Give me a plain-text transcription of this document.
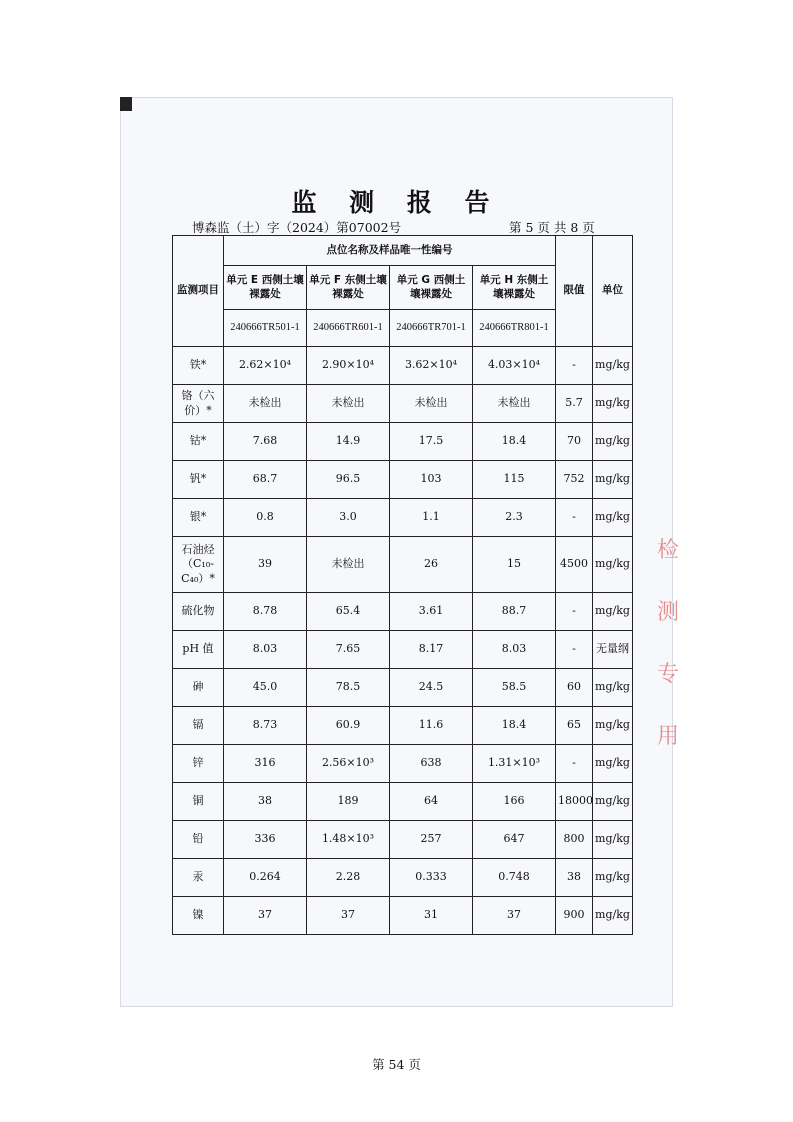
监 测 报 告
博森监（土）字（2024）第07002号	第 5 页 共 8 页
监测项目	点位名称及样品唯一性编号				限值	单位
	单元 E 西侧土壤裸露处	单元 F 东侧土壤裸露处	单元 G 西侧土壤裸露处	单元 H 东侧土壤裸露处		
	240666TR501-1	240666TR601-1	240666TR701-1	240666TR801-1		
铁*	2.62×10⁴	2.90×10⁴	3.62×10⁴	4.03×10⁴	-	mg/kg
铬（六价）*	未检出	未检出	未检出	未检出	5.7	mg/kg
钴*	7.68	14.9	17.5	18.4	70	mg/kg
钒*	68.7	96.5	103	115	752	mg/kg
银*	0.8	3.0	1.1	2.3	-	mg/kg
石油烃（C₁₀-C₄₀）*	39	未检出	26	15	4500	mg/kg
硫化物	8.78	65.4	3.61	88.7	-	mg/kg
pH 值	8.03	7.65	8.17	8.03	-	无量纲
砷	45.0	78.5	24.5	58.5	60	mg/kg
镉	8.73	60.9	11.6	18.4	65	mg/kg
锌	316	2.56×10³	638	1.31×10³	-	mg/kg
铜	38	189	64	166	18000	mg/kg
铅	336	1.48×10³	257	647	800	mg/kg
汞	0.264	2.28	0.333	0.748	38	mg/kg
镍	37	37	31	37	900	mg/kg
检测专用
第 54 页
